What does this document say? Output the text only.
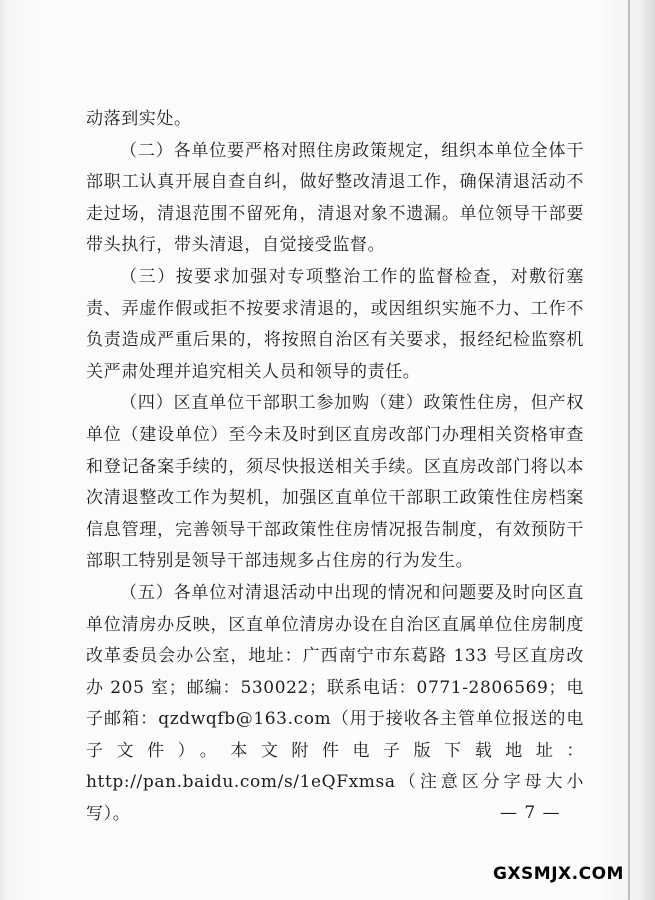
动落到实处。

（二）各单位要严格对照住房政策规定，组织本单位全体干部职工认真开展自查自纠，做好整改清退工作，确保清退活动不走过场，清退范围不留死角，清退对象不遗漏。单位领导干部要带头执行，带头清退，自觉接受监督。

（三）按要求加强对专项整治工作的监督检查，对敷衍塞责、弄虚作假或拒不按要求清退的，或因组织实施不力、工作不负责造成严重后果的，将按照自治区有关要求，报经纪检监察机关严肃处理并追究相关人员和领导的责任。

（四）区直单位干部职工参加购（建）政策性住房，但产权单位（建设单位）至今未及时到区直房改部门办理相关资格审查和登记备案手续的，须尽快报送相关手续。区直房改部门将以本次清退整改工作为契机，加强区直单位干部职工政策性住房档案信息管理，完善领导干部政策性住房情况报告制度，有效预防干部职工特别是领导干部违规多占住房的行为发生。

（五）各单位对清退活动中出现的情况和问题要及时向区直单位清房办反映，区直单位清房办设在自治区直属单位住房制度改革委员会办公室，地址：广西南宁市东葛路 133 号区直房改办 205 室；邮编：530022；联系电话：0771-2806569；电子邮箱：qzdwqfb@163.com（用于接收各主管单位报送的电子文件）。本文附件电子版下载地址：http://pan.baidu.com/s/1eQFxmsa（注意区分字母大小写）。	— 7 —
GXSMJX.COM
